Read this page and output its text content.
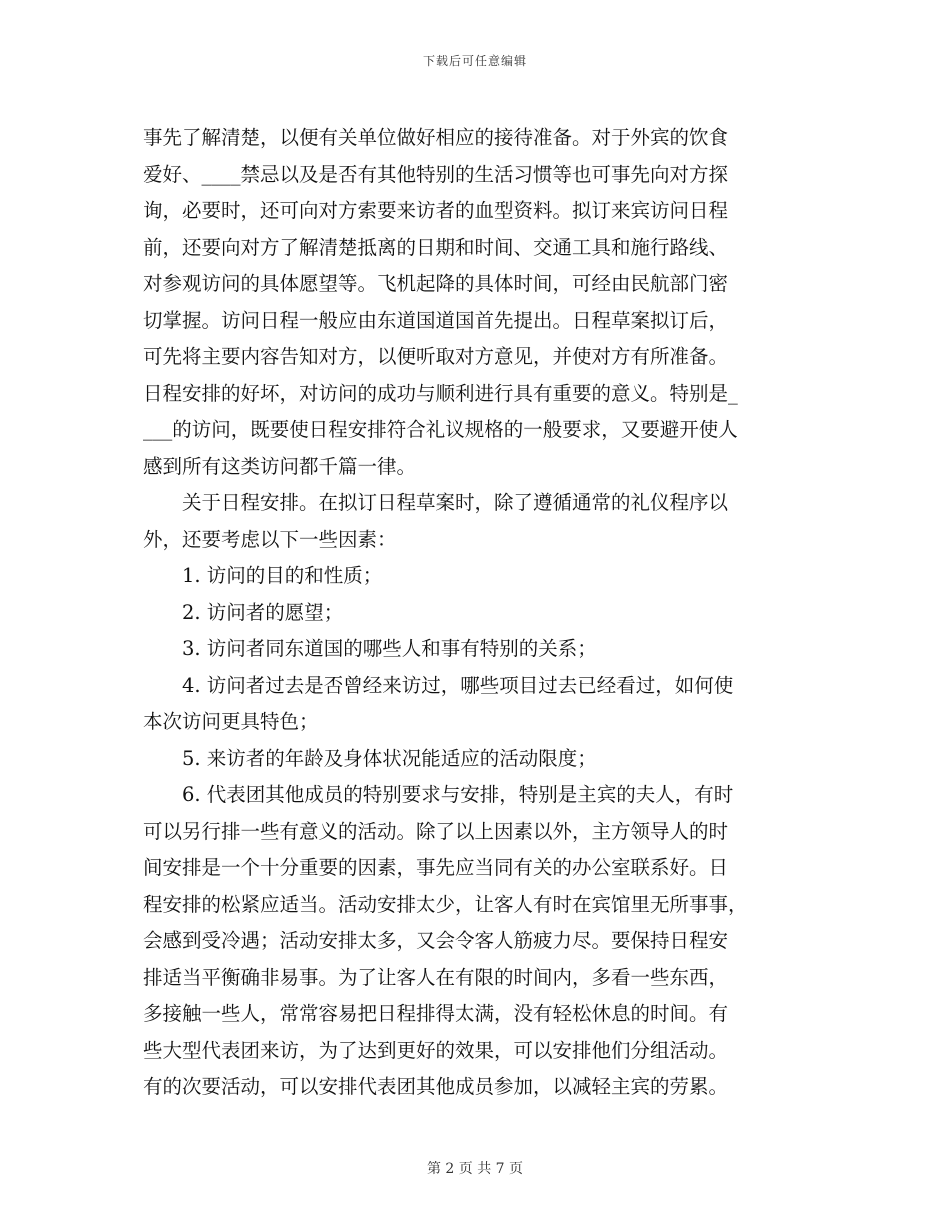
下载后可任意编辑
事先了解清楚，以便有关单位做好相应的接待准备。对于外宾的饮食
爱好、____禁忌以及是否有其他特别的生活习惯等也可事先向对方探
询，必要时，还可向对方索要来访者的血型资料。拟订来宾访问日程
前，还要向对方了解清楚抵离的日期和时间、交通工具和施行路线、
对参观访问的具体愿望等。飞机起降的具体时间，可经由民航部门密
切掌握。访问日程一般应由东道国道国首先提出。日程草案拟订后，
可先将主要内容告知对方，以便听取对方意见，并使对方有所准备。
日程安排的好坏，对访问的成功与顺利进行具有重要的意义。特别是_
___的访问，既要使日程安排符合礼议规格的一般要求，又要避开使人
感到所有这类访问都千篇一律。
关于日程安排。在拟订日程草案时，除了遵循通常的礼仪程序以
外，还要考虑以下一些因素：
1. 访问的目的和性质；
2. 访问者的愿望；
3. 访问者同东道国的哪些人和事有特别的关系；
4. 访问者过去是否曾经来访过，哪些项目过去已经看过，如何使
本次访问更具特色；
5. 来访者的年龄及身体状况能适应的活动限度；
6. 代表团其他成员的特别要求与安排，特别是主宾的夫人，有时
可以另行排一些有意义的活动。除了以上因素以外，主方领导人的时
间安排是一个十分重要的因素，事先应当同有关的办公室联系好。日
程安排的松紧应适当。活动安排太少，让客人有时在宾馆里无所事事，
会感到受冷遇；活动安排太多，又会令客人筋疲力尽。要保持日程安
排适当平衡确非易事。为了让客人在有限的时间内，多看一些东西，
多接触一些人，常常容易把日程排得太满，没有轻松休息的时间。有
些大型代表团来访，为了达到更好的效果，可以安排他们分组活动。
有的次要活动，可以安排代表团其他成员参加，以减轻主宾的劳累。
第 2 页 共 7 页
